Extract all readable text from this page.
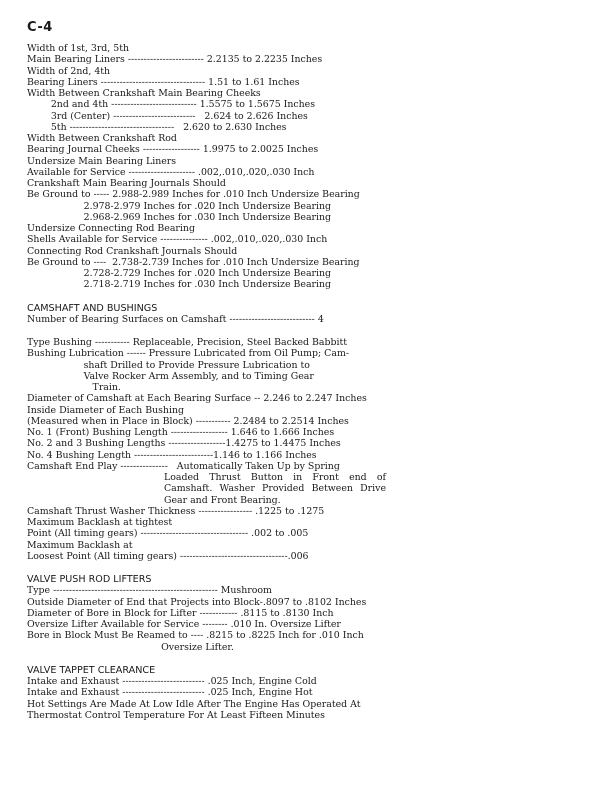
C-4
Width of 1st, 3rd, 5th
Main Bearing Liners ------------------------ 2.2135 to 2.2235 Inches
Width of 2nd, 4th
Bearing Liners --------------------------------- 1.51 to 1.61 Inches
Width Between Crankshaft Main Bearing Cheeks
2nd and 4th --------------------------- 1.5575 to 1.5675 Inches
3rd (Center) --------------------------   2.624 to 2.626 Inches
5th ---------------------------------   2.620 to 2.630 Inches
Width Between Crankshaft Rod
Bearing Journal Cheeks ------------------ 1.9975 to 2.0025 Inches
Undersize Main Bearing Liners
Available for Service --------------------- .002,.010,.020,.030 Inch
Crankshaft Main Bearing Journals Should
Be Ground to ----- 2.988-2.989 Inches for .010 Inch Undersize Bearing
2.978-2.979 Inches for .020 Inch Undersize Bearing
2.968-2.969 Inches for .030 Inch Undersize Bearing
Undersize Connecting Rod Bearing
Shells Available for Service --------------- .002,.010,.020,.030 Inch
Connecting Rod Crankshaft Journals Should
Be Ground to ----  2.738-2.739 Inches for .010 Inch Undersize Bearing
2.728-2.729 Inches for .020 Inch Undersize Bearing
2.718-2.719 Inches for .030 Inch Undersize Bearing
CAMSHAFT AND BUSHINGS
Number of Bearing Surfaces on Camshaft --------------------------- 4
Type Bushing ----------- Replaceable, Precision, Steel Backed Babbitt
Bushing Lubrication ------ Pressure Lubricated from Oil Pump; Cam-
shaft Drilled to Provide Pressure Lubrication to
Valve Rocker Arm Assembly, and to Timing Gear
Train.
Diameter of Camshaft at Each Bearing Surface -- 2.246 to 2.247 Inches
Inside Diameter of Each Bushing
(Measured when in Place in Block) ----------- 2.2484 to 2.2514 Inches
No. 1 (Front) Bushing Length ------------------ 1.646 to 1.666 Inches
No. 2 and 3 Bushing Lengths ------------------1.4275 to 1.4475 Inches
No. 4 Bushing Length -------------------------1.146 to 1.166 Inches
Camshaft End Play ---------------   Automatically Taken Up by Spring
Loaded Thrust Button in Front end of Camshaft. Washer Provided Between Drive Gear and Front Bearing.
Camshaft Thrust Washer Thickness ----------------- .1225 to .1275
Maximum Backlash at tightest
Point (All timing gears) ---------------------------------- .002 to .005
Maximum Backlash at
Loosest Point (All timing gears) ----------------------------------.006
VALVE PUSH ROD LIFTERS
Type ---------------------------------------------------- Mushroom
Outside Diameter of End that Projects into Block-.8097 to .8102 Inches
Diameter of Bore in Block for Lifter ------------ .8115 to .8130 Inch
Oversize Lifter Available for Service -------- .010 In. Oversize Lifter
Bore in Block Must Be Reamed to ---- .8215 to .8225 Inch for .010 Inch
Oversize Lifter.
VALVE TAPPET CLEARANCE
Intake and Exhaust -------------------------- .025 Inch, Engine Cold
Intake and Exhaust -------------------------- .025 Inch, Engine Hot
Hot Settings Are Made At Low Idle After The Engine Has Operated At
Thermostat Control Temperature For At Least Fifteen Minutes
